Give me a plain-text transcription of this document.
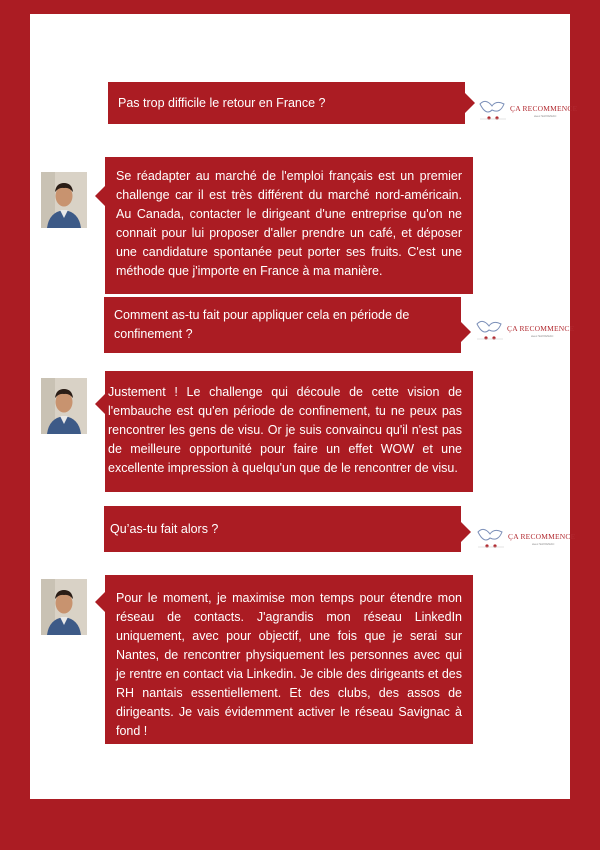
Pas trop difficile le retour en France ?	ÇA RECOMMENCE
avec SAVIGNAC
Se réadapter au marché de l'emploi français est un premier challenge car il est très différent du marché nord-américain. Au Canada, contacter le dirigeant d'une entreprise qu'on ne connait pour lui proposer d'aller prendre un café, et déposer une candidature spontanée peut porter ses fruits. C'est une méthode que j'importe en France à ma manière.
Comment as-tu fait pour appliquer cela en période de confinement ?	ÇA RECOMMENCE
avec SAVIGNAC
Justement ! Le challenge qui découle de cette vision de l'embauche est qu'en période de confinement, tu ne peux pas rencontrer les gens de visu. Or je suis convaincu qu'il n'est pas de meilleure opportunité pour faire un effet WOW et une excellente impression à quelqu'un que de le rencontrer de visu.
Qu’as-tu fait alors ?
ÇA RECOMMENCE
avec SAVIGNAC
Pour le moment, je maximise mon temps pour étendre mon réseau de contacts. J'agrandis mon réseau LinkedIn uniquement, avec pour objectif, une fois que je serai sur Nantes, de rencontrer physiquement les personnes avec qui je rentre en contact via Linkedin. Je cible des dirigeants et des RH nantais essentiellement. Et des clubs, des assos de dirigeants. Je vais évidemment activer le réseau Savignac à fond !
